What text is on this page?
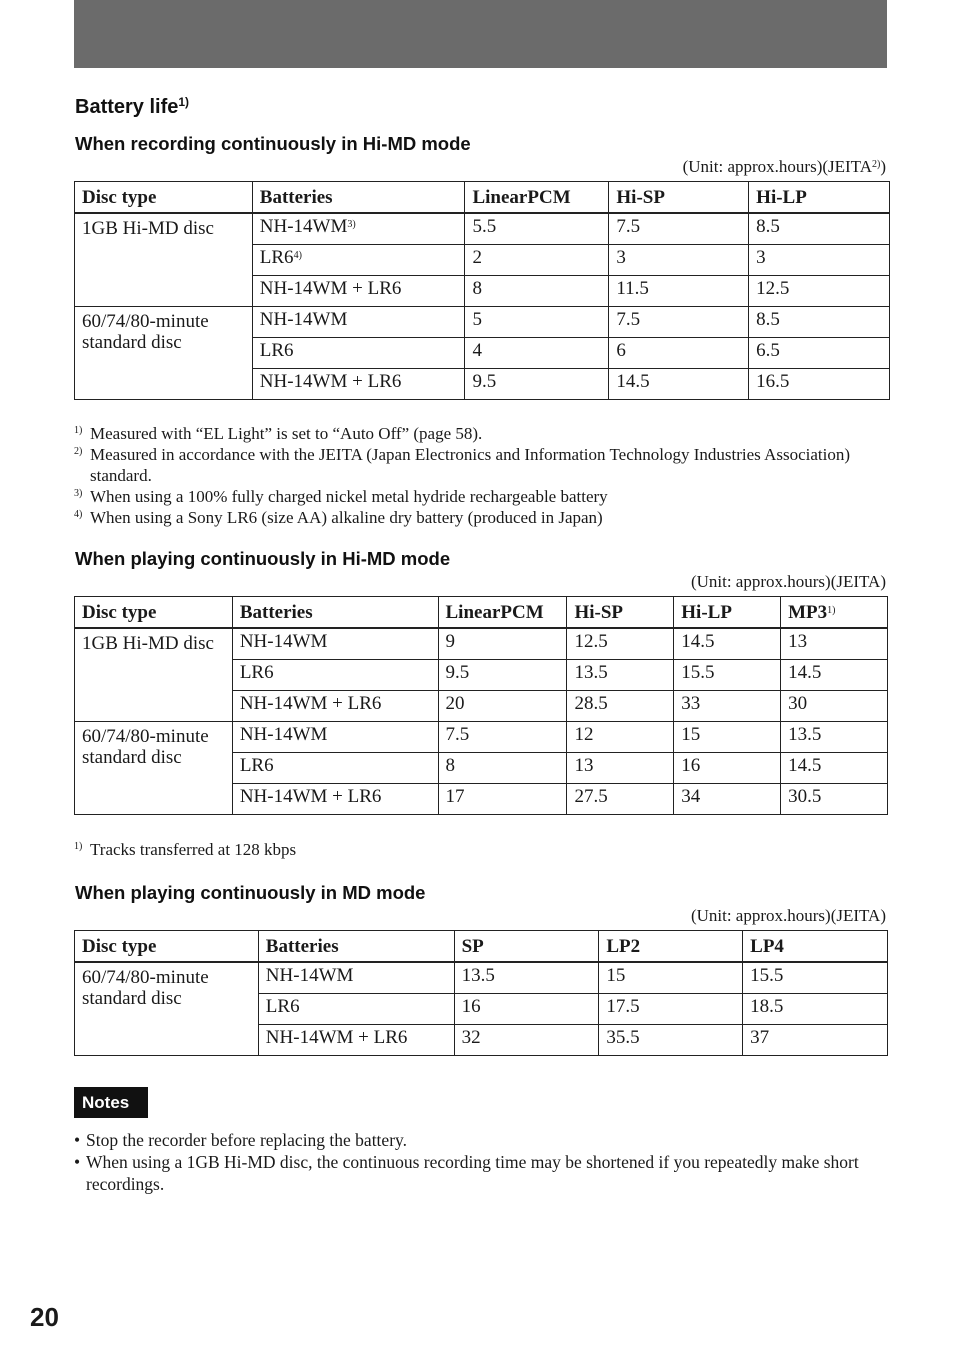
Battery life$^{1)}$
When recording continuously in Hi-MD mode
(Unit: approx.hours)(JEITA$^{2)}$)
Disc type	Batteries	LinearPCM	Hi-SP	Hi-LP
1GB Hi-MD disc	NH-14WM$^{3)}$	5.5	7.5	8.5
	LR6$^{4)}$	2	3	3
	NH-14WM + LR6	8	11.5	12.5
60/74/80-minute standard disc	NH-14WM	5	7.5	8.5
	LR6	4	6	6.5
	NH-14WM + LR6	9.5	14.5	16.5
1) Measured with “EL Light” is set to “Auto Off” (page 58).
2) Measured in accordance with the JEITA (Japan Electronics and Information Technology Industries Association) standard.
3) When using a 100% fully charged nickel metal hydride rechargeable battery
4) When using a Sony LR6 (size AA) alkaline dry battery (produced in Japan)
When playing continuously in Hi-MD mode
(Unit: approx.hours)(JEITA)
Disc type	Batteries	LinearPCM	Hi-SP	Hi-LP	MP3$^{1)}$
1GB Hi-MD disc	NH-14WM	9	12.5	14.5	13
	LR6	9.5	13.5	15.5	14.5
	NH-14WM + LR6	20	28.5	33	30
60/74/80-minute standard disc	NH-14WM	7.5	12	15	13.5
	LR6	8	13	16	14.5
	NH-14WM + LR6	17	27.5	34	30.5
1) Tracks transferred at 128 kbps
When playing continuously in MD mode
(Unit: approx.hours)(JEITA)
Disc type	Batteries	SP	LP2	LP4
60/74/80-minute standard disc	NH-14WM	13.5	15	15.5
	LR6	16	17.5	18.5
	NH-14WM + LR6	32	35.5	37
Notes
• Stop the recorder before replacing the battery.
• When using a 1GB Hi-MD disc, the continuous recording time may be shortened if you repeatedly make short recordings.
20
